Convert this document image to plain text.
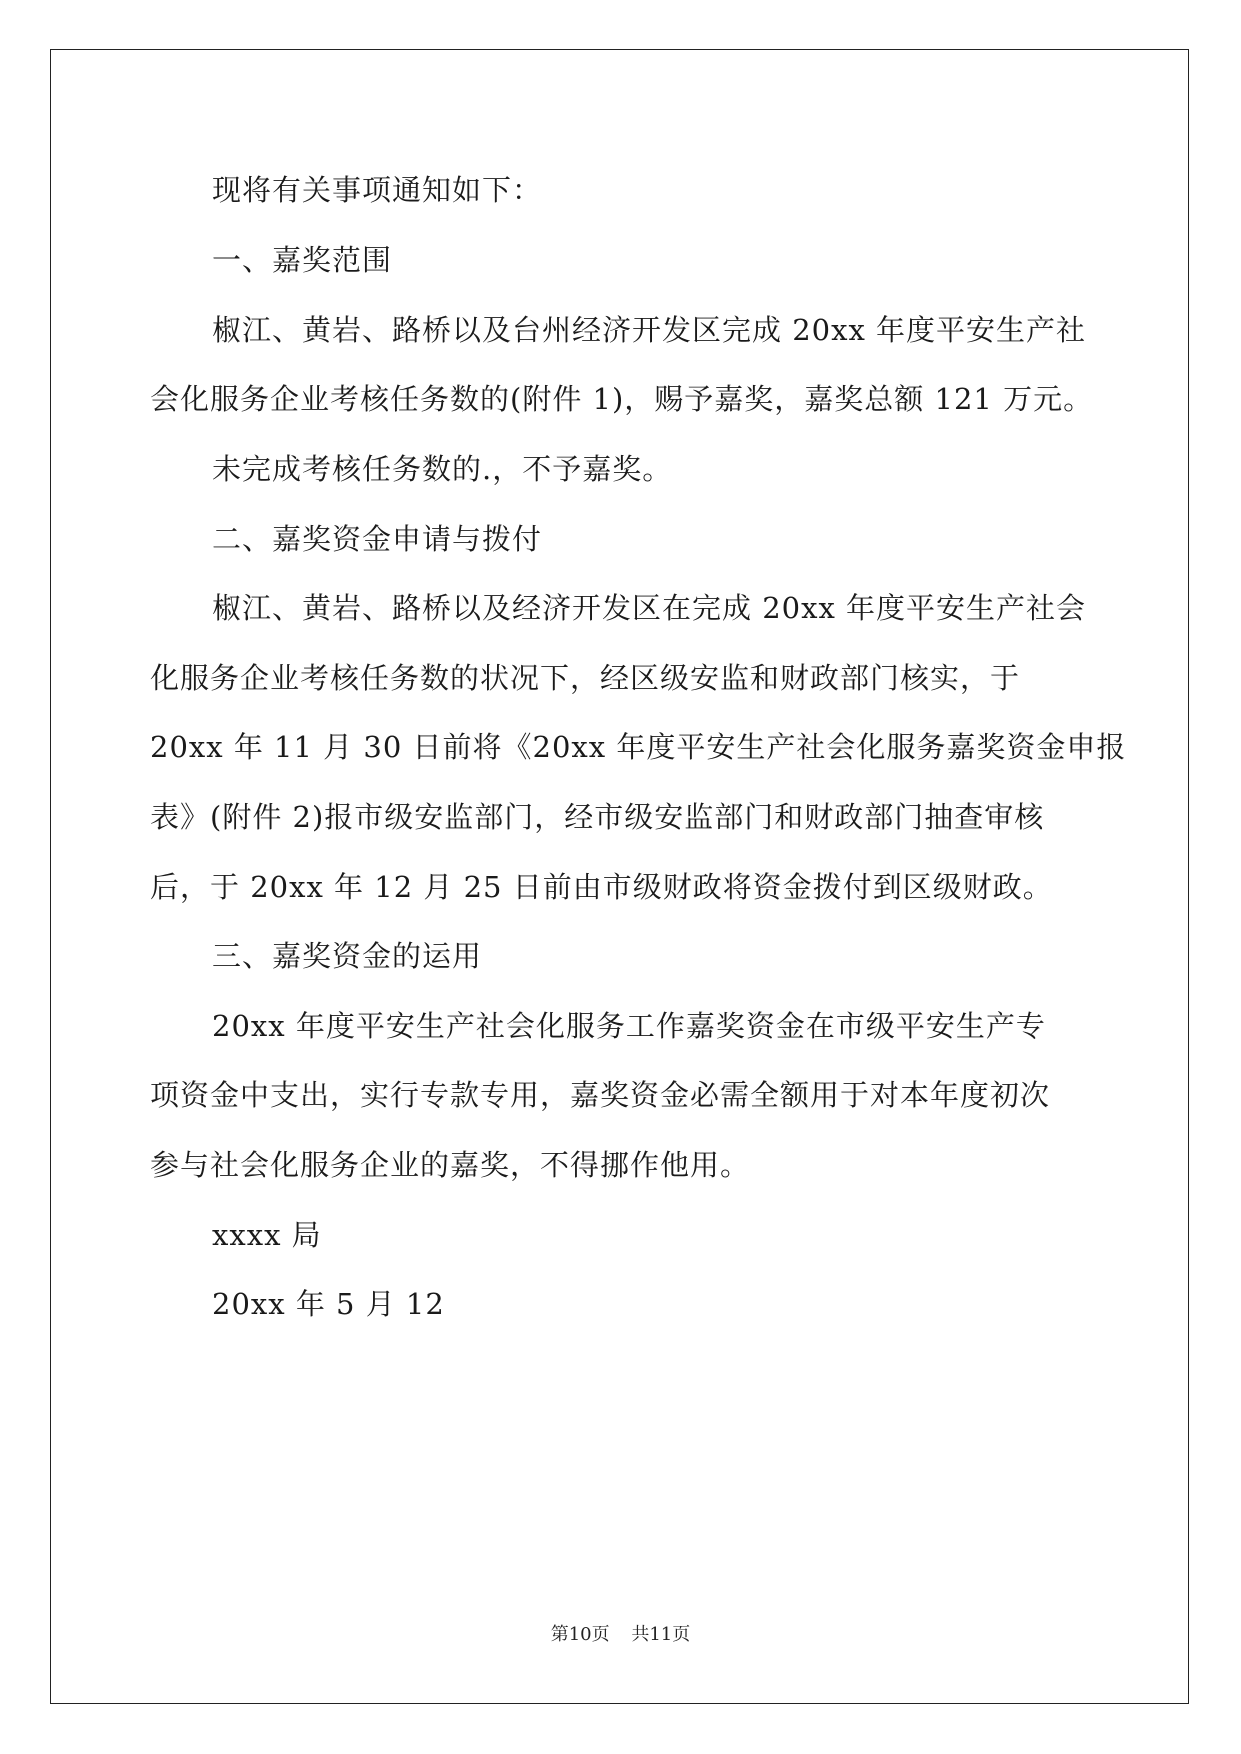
现将有关事项通知如下：

一、嘉奖范围

椒江、黄岩、路桥以及台州经济开发区完成 20xx 年度平安生产社

会化服务企业考核任务数的(附件 1)，赐予嘉奖，嘉奖总额 121 万元。

未完成考核任务数的.，不予嘉奖。

二、嘉奖资金申请与拨付

椒江、黄岩、路桥以及经济开发区在完成 20xx 年度平安生产社会

化服务企业考核任务数的状况下，经区级安监和财政部门核实，于

20xx 年 11 月 30 日前将《20xx 年度平安生产社会化服务嘉奖资金申报

表》(附件 2)报市级安监部门，经市级安监部门和财政部门抽查审核

后，于 20xx 年 12 月 25 日前由市级财政将资金拨付到区级财政。

三、嘉奖资金的运用

20xx 年度平安生产社会化服务工作嘉奖资金在市级平安生产专

项资金中支出，实行专款专用，嘉奖资金必需全额用于对本年度初次

参与社会化服务企业的嘉奖，不得挪作他用。

xxxx 局

20xx 年 5 月 12

第10页 共11页
